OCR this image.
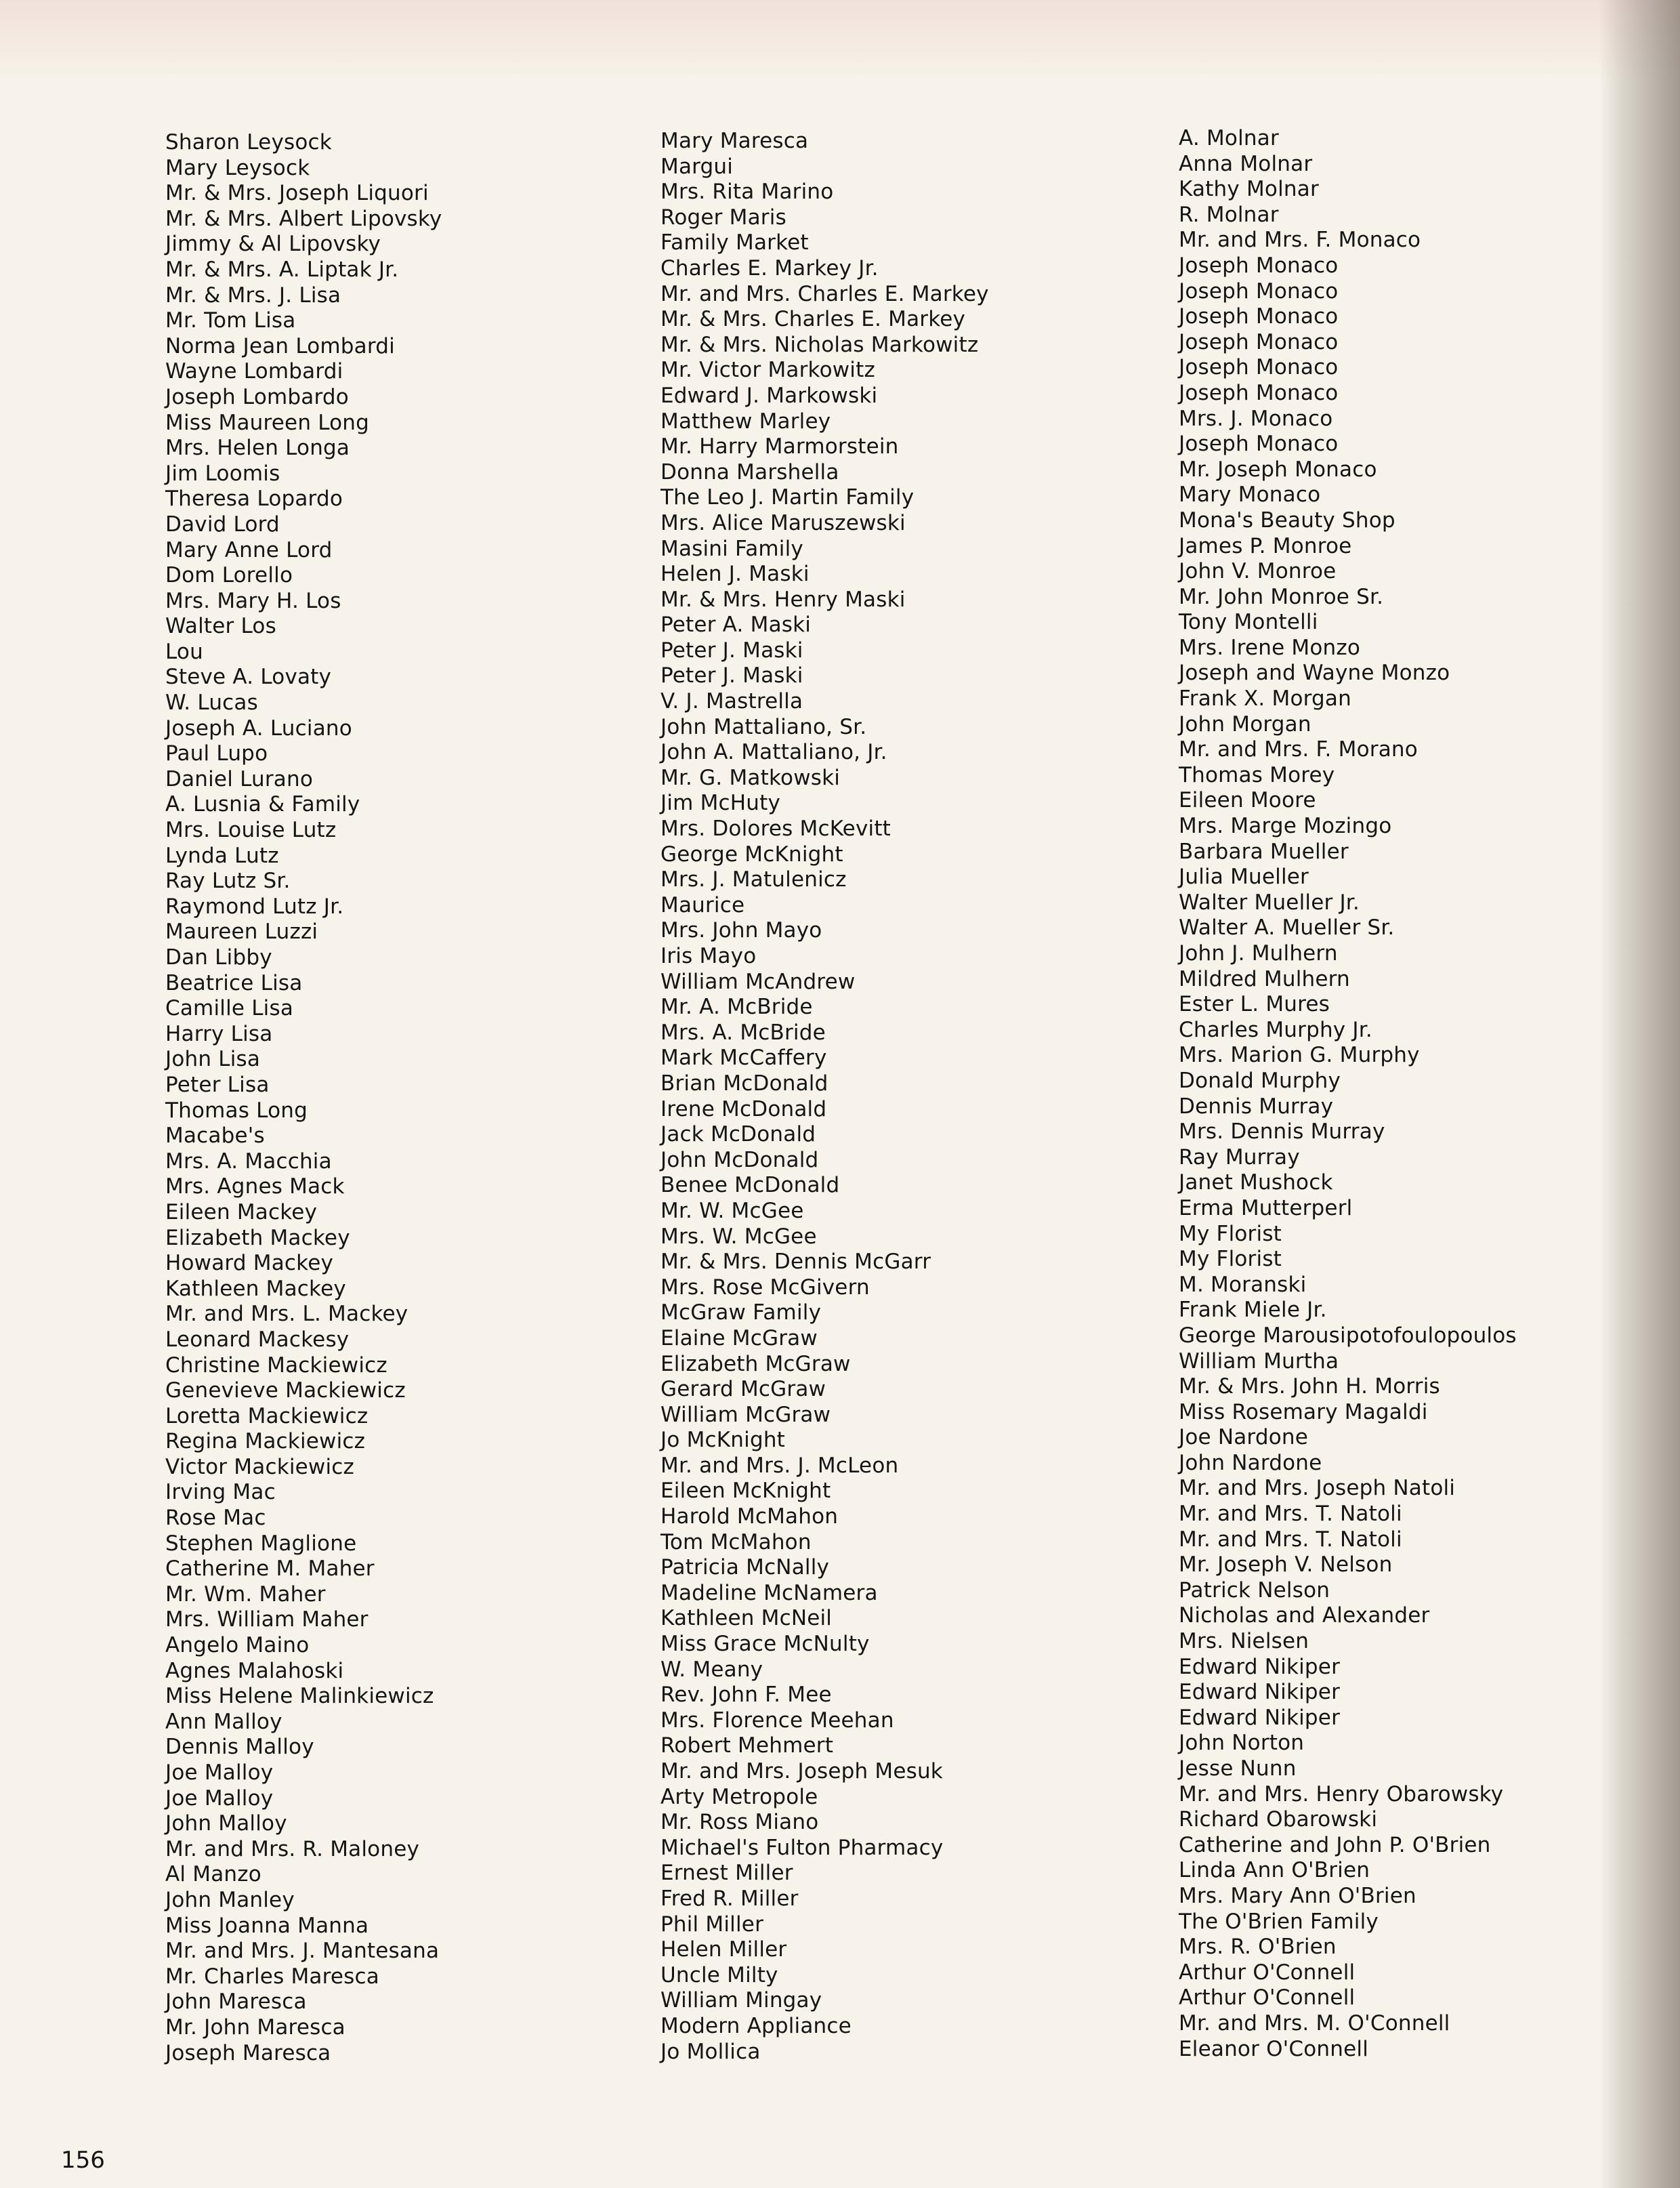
Sharon Leysock
Mary Leysock
Mr. & Mrs. Joseph Liquori
Mr. & Mrs. Albert Lipovsky
Jimmy & Al Lipovsky
Mr. & Mrs. A. Liptak Jr.
Mr. & Mrs. J. Lisa
Mr. Tom Lisa
Norma Jean Lombardi
Wayne Lombardi
Joseph Lombardo
Miss Maureen Long
Mrs. Helen Longa
Jim Loomis
Theresa Lopardo
David Lord
Mary Anne Lord
Dom Lorello
Mrs. Mary H. Los
Walter Los
Lou
Steve A. Lovaty
W. Lucas
Joseph A. Luciano
Paul Lupo
Daniel Lurano
A. Lusnia & Family
Mrs. Louise Lutz
Lynda Lutz
Ray Lutz Sr.
Raymond Lutz Jr.
Maureen Luzzi
Dan Libby
Beatrice Lisa
Camille Lisa
Harry Lisa
John Lisa
Peter Lisa
Thomas Long
Macabe's
Mrs. A. Macchia
Mrs. Agnes Mack
Eileen Mackey
Elizabeth Mackey
Howard Mackey
Kathleen Mackey
Mr. and Mrs. L. Mackey
Leonard Mackesy
Christine Mackiewicz
Genevieve Mackiewicz
Loretta Mackiewicz
Regina Mackiewicz
Victor Mackiewicz
Irving Mac
Rose Mac
Stephen Maglione
Catherine M. Maher
Mr. Wm. Maher
Mrs. William Maher
Angelo Maino
Agnes Malahoski
Miss Helene Malinkiewicz
Ann Malloy
Dennis Malloy
Joe Malloy
Joe Malloy
John Malloy
Mr. and Mrs. R. Maloney
Al Manzo
John Manley
Miss Joanna Manna
Mr. and Mrs. J. Mantesana
Mr. Charles Maresca
John Maresca
Mr. John Maresca
Joseph Maresca
Mary Maresca
Margui
Mrs. Rita Marino
Roger Maris
Family Market
Charles E. Markey Jr.
Mr. and Mrs. Charles E. Markey
Mr. & Mrs. Charles E. Markey
Mr. & Mrs. Nicholas Markowitz
Mr. Victor Markowitz
Edward J. Markowski
Matthew Marley
Mr. Harry Marmorstein
Donna Marshella
The Leo J. Martin Family
Mrs. Alice Maruszewski
Masini Family
Helen J. Maski
Mr. & Mrs. Henry Maski
Peter A. Maski
Peter J. Maski
Peter J. Maski
V. J. Mastrella
John Mattaliano, Sr.
John A. Mattaliano, Jr.
Mr. G. Matkowski
Jim McHuty
Mrs. Dolores McKevitt
George McKnight
Mrs. J. Matulenicz
Maurice
Mrs. John Mayo
Iris Mayo
William McAndrew
Mr. A. McBride
Mrs. A. McBride
Mark McCaffery
Brian McDonald
Irene McDonald
Jack McDonald
John McDonald
Benee McDonald
Mr. W. McGee
Mrs. W. McGee
Mr. & Mrs. Dennis McGarr
Mrs. Rose McGivern
McGraw Family
Elaine McGraw
Elizabeth McGraw
Gerard McGraw
William McGraw
Jo McKnight
Mr. and Mrs. J. McLeon
Eileen McKnight
Harold McMahon
Tom McMahon
Patricia McNally
Madeline McNamera
Kathleen McNeil
Miss Grace McNulty
W. Meany
Rev. John F. Mee
Mrs. Florence Meehan
Robert Mehmert
Mr. and Mrs. Joseph Mesuk
Arty Metropole
Mr. Ross Miano
Michael's Fulton Pharmacy
Ernest Miller
Fred R. Miller
Phil Miller
Helen Miller
Uncle Milty
William Mingay
Modern Appliance
Jo Mollica
A. Molnar
Anna Molnar
Kathy Molnar
R. Molnar
Mr. and Mrs. F. Monaco
Joseph Monaco
Joseph Monaco
Joseph Monaco
Joseph Monaco
Joseph Monaco
Joseph Monaco
Mrs. J. Monaco
Joseph Monaco
Mr. Joseph Monaco
Mary Monaco
Mona's Beauty Shop
James P. Monroe
John V. Monroe
Mr. John Monroe Sr.
Tony Montelli
Mrs. Irene Monzo
Joseph and Wayne Monzo
Frank X. Morgan
John Morgan
Mr. and Mrs. F. Morano
Thomas Morey
Eileen Moore
Mrs. Marge Mozingo
Barbara Mueller
Julia Mueller
Walter Mueller Jr.
Walter A. Mueller Sr.
John J. Mulhern
Mildred Mulhern
Ester L. Mures
Charles Murphy Jr.
Mrs. Marion G. Murphy
Donald Murphy
Dennis Murray
Mrs. Dennis Murray
Ray Murray
Janet Mushock
Erma Mutterperl
My Florist
My Florist
M. Moranski
Frank Miele Jr.
George Marousipotofoulopoulos
William Murtha
Mr. & Mrs. John H. Morris
Miss Rosemary Magaldi
Joe Nardone
John Nardone
Mr. and Mrs. Joseph Natoli
Mr. and Mrs. T. Natoli
Mr. and Mrs. T. Natoli
Mr. Joseph V. Nelson
Patrick Nelson
Nicholas and Alexander
Mrs. Nielsen
Edward Nikiper
Edward Nikiper
Edward Nikiper
John Norton
Jesse Nunn
Mr. and Mrs. Henry Obarowsky
Richard Obarowski
Catherine and John P. O'Brien
Linda Ann O'Brien
Mrs. Mary Ann O'Brien
The O'Brien Family
Mrs. R. O'Brien
Arthur O'Connell
Arthur O'Connell
Mr. and Mrs. M. O'Connell
Eleanor O'Connell
156
